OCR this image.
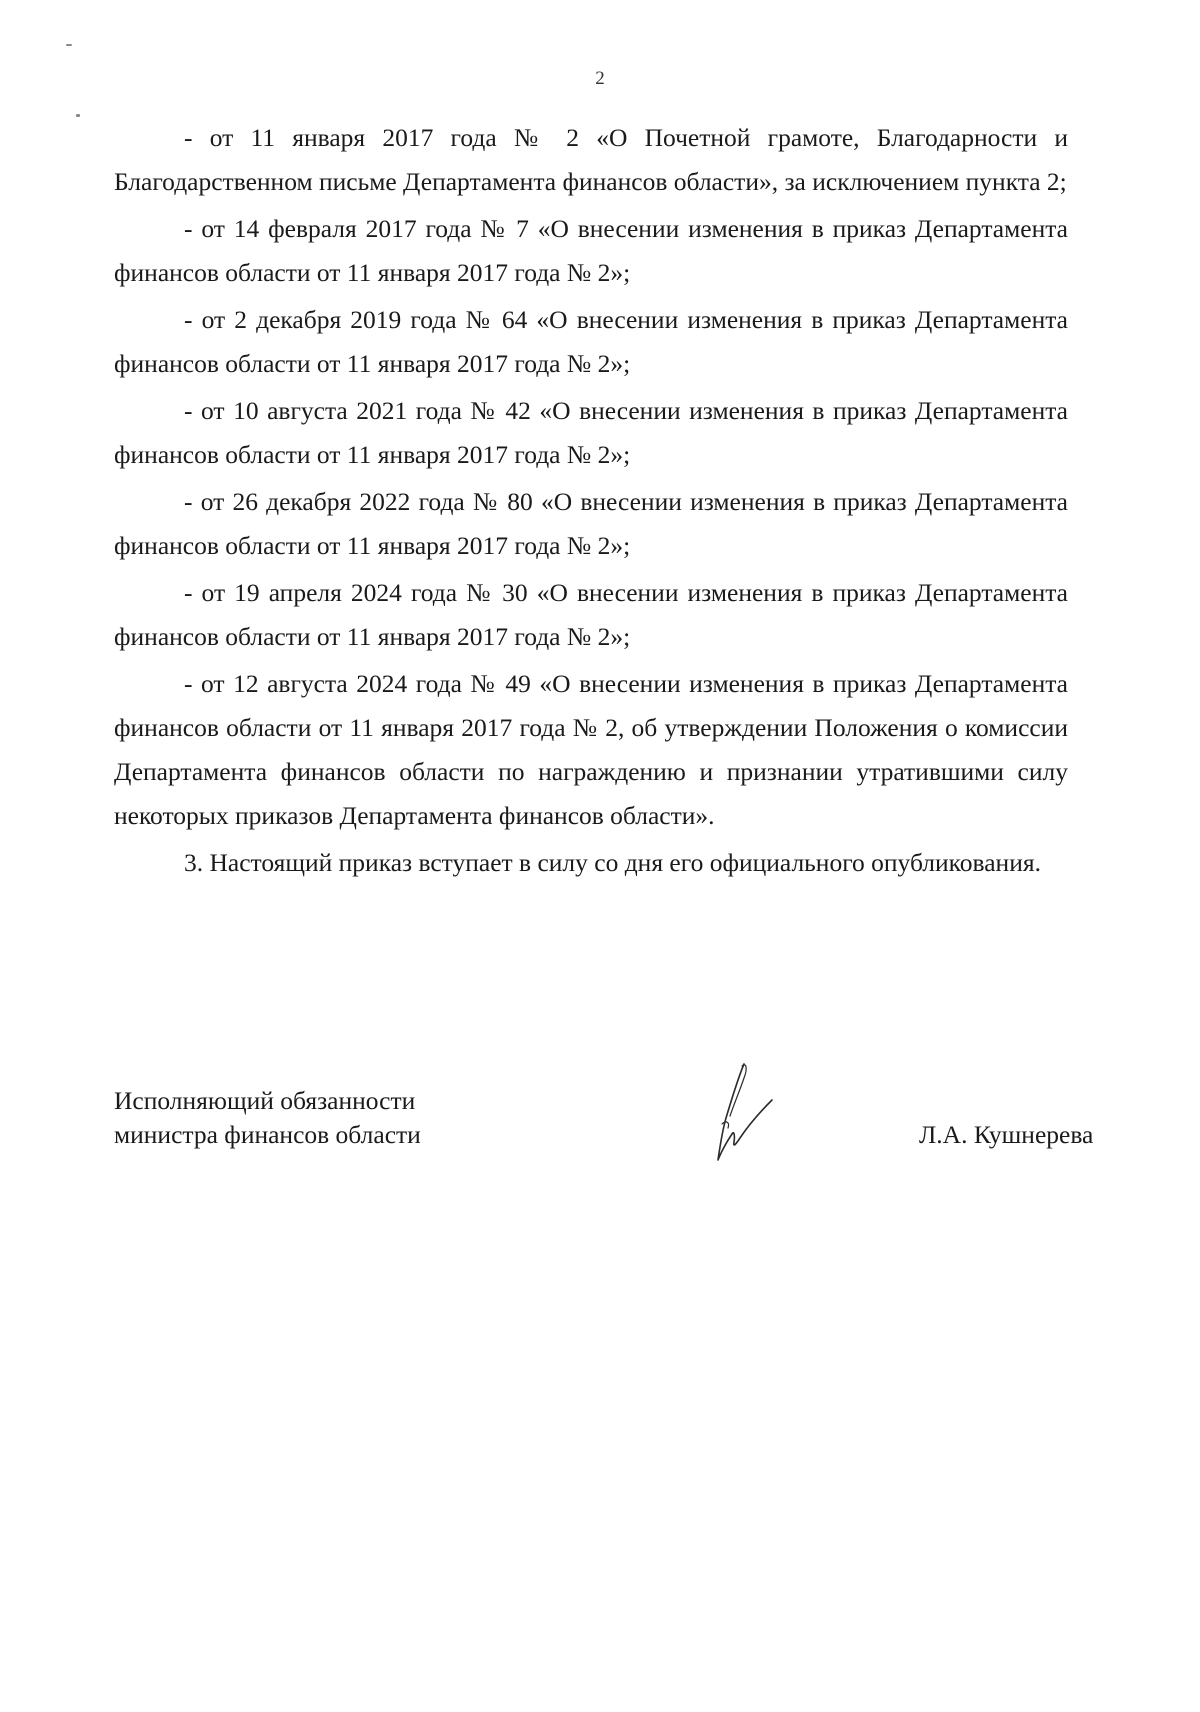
2

- от 11 января 2017 года № 2 «О Почетной грамоте, Благодарности и Благодарственном письме Департамента финансов области», за исключением пункта 2;

- от 14 февраля 2017 года № 7 «О внесении изменения в приказ Департамента финансов области от 11 января 2017 года № 2»;

- от 2 декабря 2019 года № 64 «О внесении изменения в приказ Департамента финансов области от 11 января 2017 года № 2»;

- от 10 августа 2021 года № 42 «О внесении изменения в приказ Департамента финансов области от 11 января 2017 года № 2»;

- от 26 декабря 2022 года № 80 «О внесении изменения в приказ Департамента финансов области от 11 января 2017 года № 2»;

- от 19 апреля 2024 года № 30 «О внесении изменения в приказ Департамента финансов области от 11 января 2017 года № 2»;

- от 12 августа 2024 года № 49 «О внесении изменения в приказ Департамента финансов области от 11 января 2017 года № 2, об утверждении Положения о комиссии Департамента финансов области по награждению и признании утратившими силу некоторых приказов Департамента финансов области».

3. Настоящий приказ вступает в силу со дня его официального опубликования.

Исполняющий обязанности
министра финансов области	Л.А. Кушнерева
